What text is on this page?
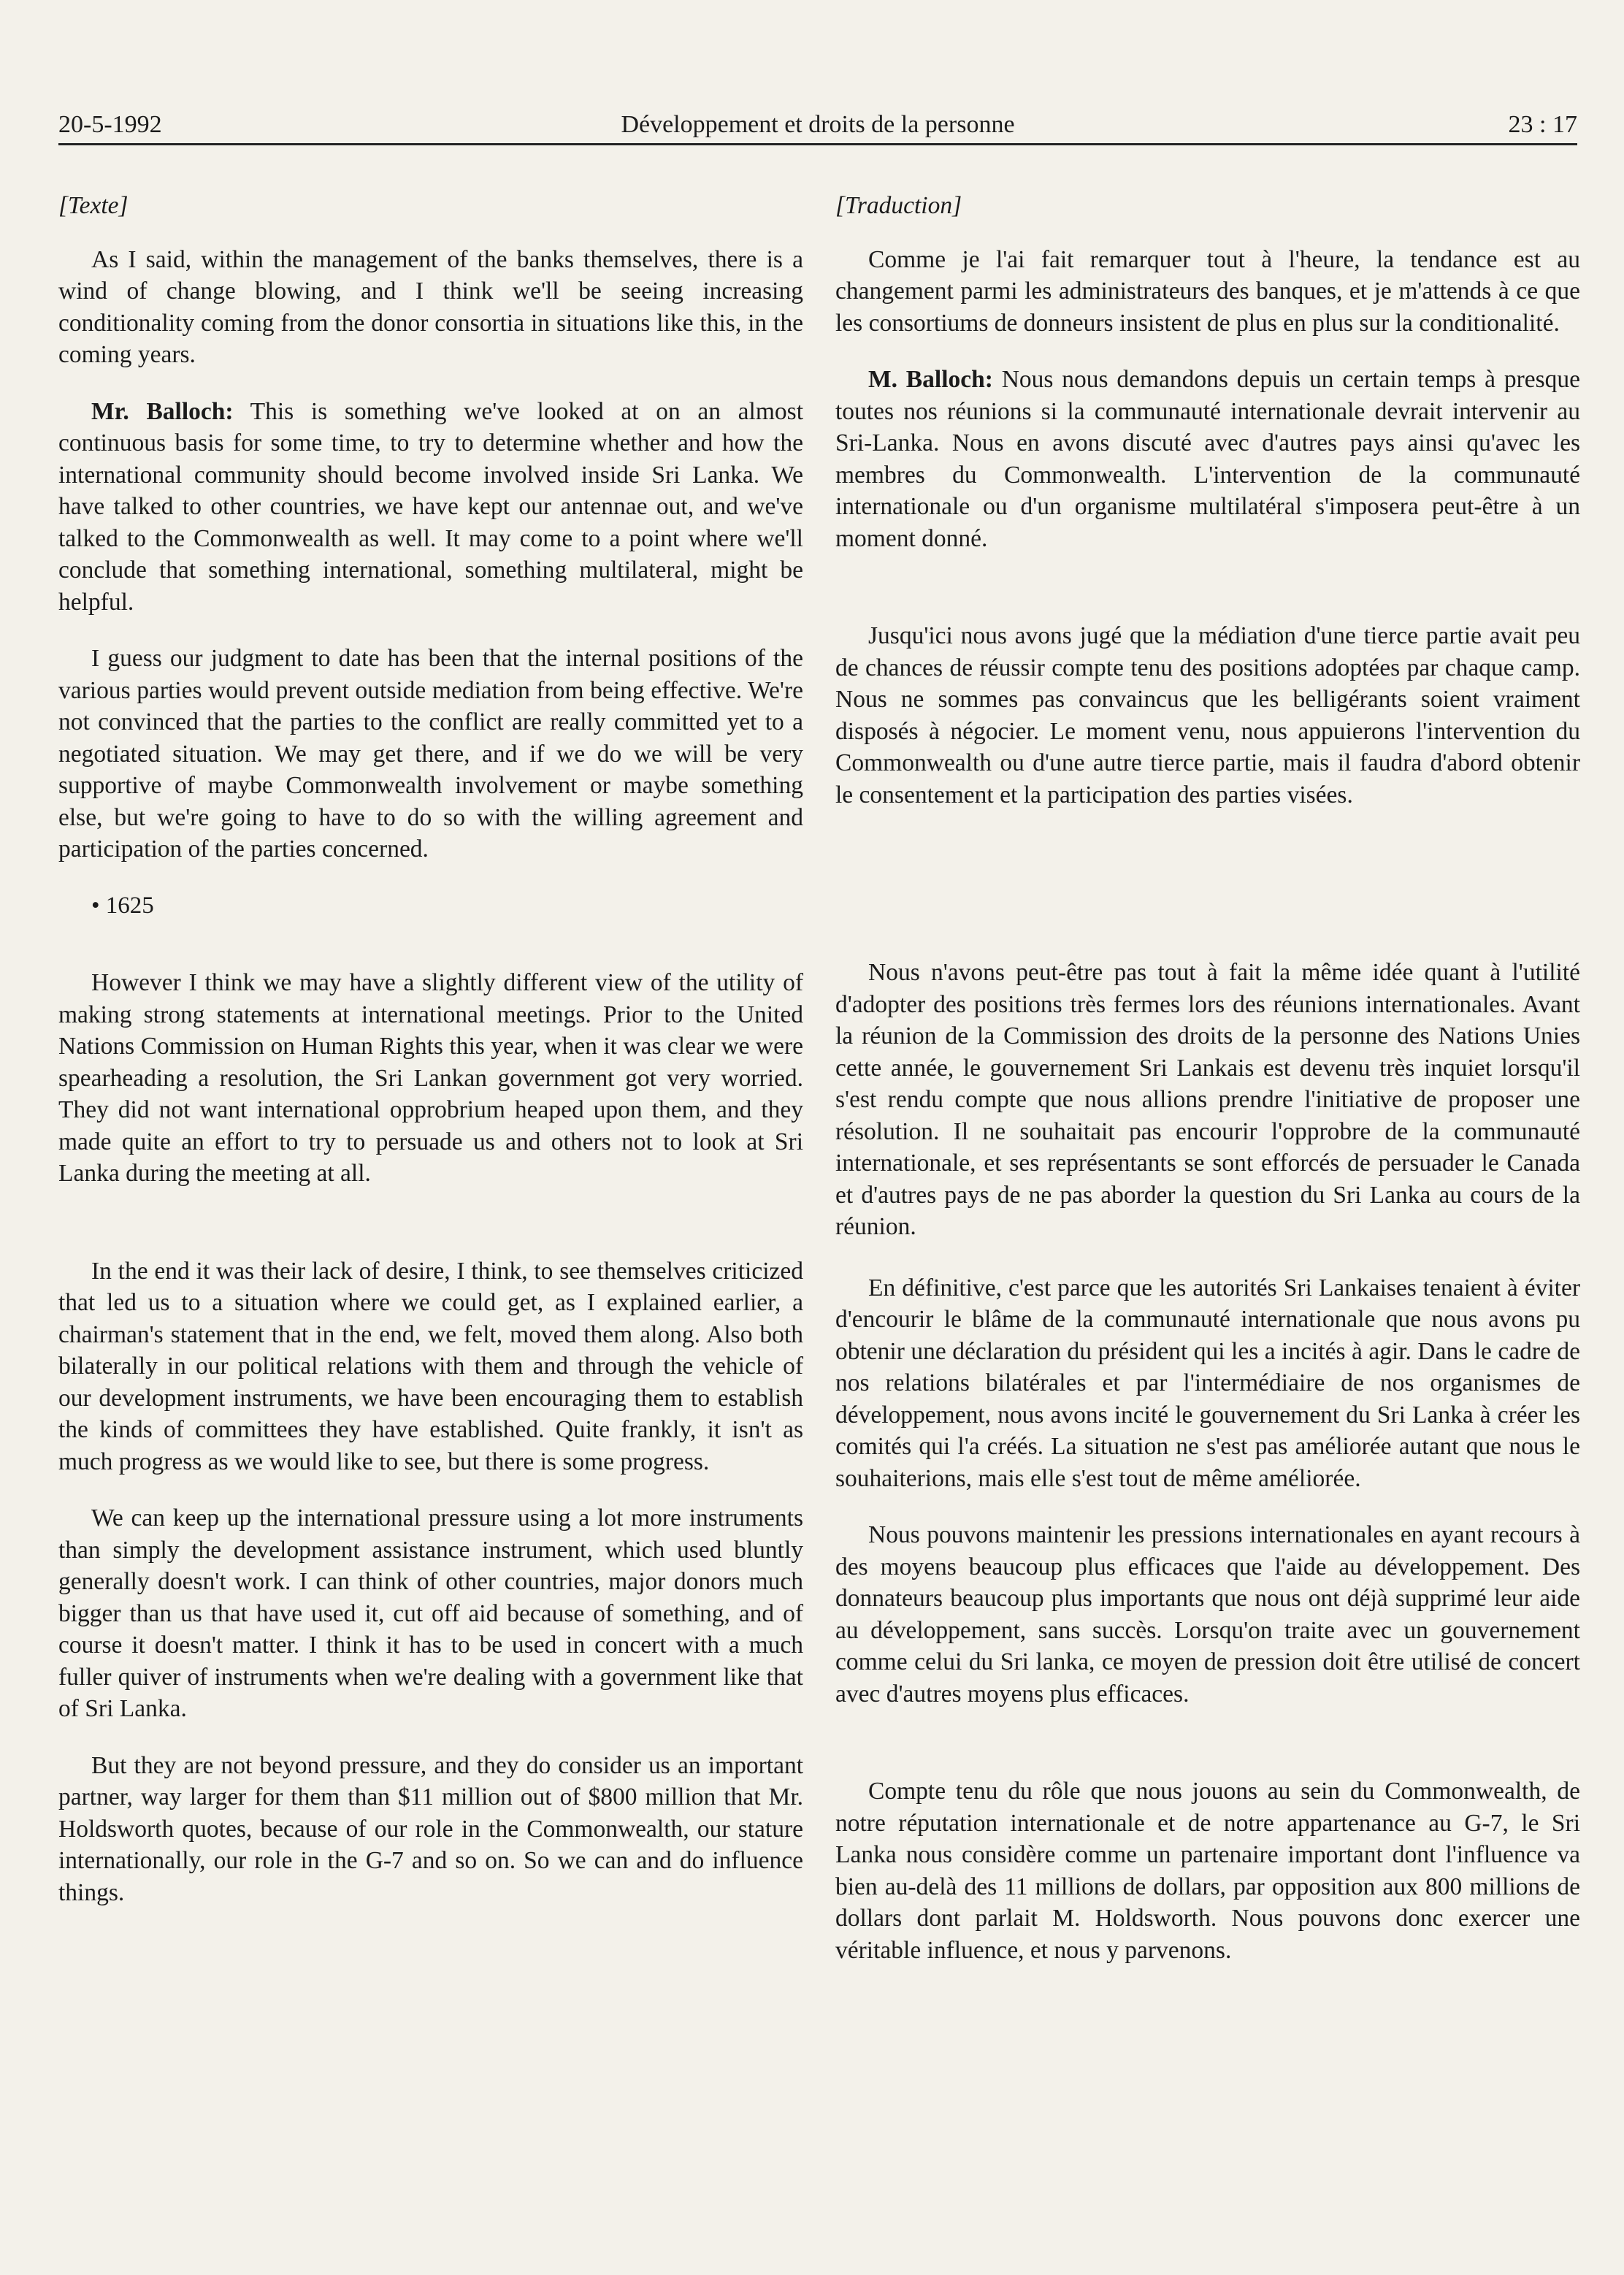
20-5-1992	Développement et droits de la personne	23 : 17

[Texte]

As I said, within the management of the banks themselves, there is a wind of change blowing, and I think we'll be seeing increasing conditionality coming from the donor consortia in situations like this, in the coming years.

Mr. Balloch: This is something we've looked at on an almost continuous basis for some time, to try to determine whether and how the international community should become involved inside Sri Lanka. We have talked to other countries, we have kept our antennae out, and we've talked to the Commonwealth as well. It may come to a point where we'll conclude that something international, something multilateral, might be helpful.

I guess our judgment to date has been that the internal positions of the various parties would prevent outside mediation from being effective. We're not convinced that the parties to the conflict are really committed yet to a negotiated situation. We may get there, and if we do we will be very supportive of maybe Commonwealth involvement or maybe something else, but we're going to have to do so with the willing agreement and participation of the parties concerned.

• 1625

However I think we may have a slightly different view of the utility of making strong statements at international meetings. Prior to the United Nations Commission on Human Rights this year, when it was clear we were spearheading a resolution, the Sri Lankan government got very worried. They did not want international opprobrium heaped upon them, and they made quite an effort to try to persuade us and others not to look at Sri Lanka during the meeting at all.

In the end it was their lack of desire, I think, to see themselves criticized that led us to a situation where we could get, as I explained earlier, a chairman's statement that in the end, we felt, moved them along. Also both bilaterally in our political relations with them and through the vehicle of our development instruments, we have been encouraging them to establish the kinds of committees they have established. Quite frankly, it isn't as much progress as we would like to see, but there is some progress.

We can keep up the international pressure using a lot more instruments than simply the development assistance instrument, which used bluntly generally doesn't work. I can think of other countries, major donors much bigger than us that have used it, cut off aid because of something, and of course it doesn't matter. I think it has to be used in concert with a much fuller quiver of instruments when we're dealing with a government like that of Sri Lanka.

But they are not beyond pressure, and they do consider us an important partner, way larger for them than $11 million out of $800 million that Mr. Holdsworth quotes, because of our role in the Commonwealth, our stature internationally, our role in the G-7 and so on. So we can and do influence things.

[Traduction]

Comme je l'ai fait remarquer tout à l'heure, la tendance est au changement parmi les administrateurs des banques, et je m'attends à ce que les consortiums de donneurs insistent de plus en plus sur la conditionalité.

M. Balloch: Nous nous demandons depuis un certain temps à presque toutes nos réunions si la communauté internationale devrait intervenir au Sri-Lanka. Nous en avons discuté avec d'autres pays ainsi qu'avec les membres du Commonwealth. L'intervention de la communauté internationale ou d'un organisme multilatéral s'imposera peut-être à un moment donné.

Jusqu'ici nous avons jugé que la médiation d'une tierce partie avait peu de chances de réussir compte tenu des positions adoptées par chaque camp. Nous ne sommes pas convaincus que les belligérants soient vraiment disposés à négocier. Le moment venu, nous appuierons l'intervention du Commonwealth ou d'une autre tierce partie, mais il faudra d'abord obtenir le consentement et la participation des parties visées.

Nous n'avons peut-être pas tout à fait la même idée quant à l'utilité d'adopter des positions très fermes lors des réunions internationales. Avant la réunion de la Commission des droits de la personne des Nations Unies cette année, le gouvernement Sri Lankais est devenu très inquiet lorsqu'il s'est rendu compte que nous allions prendre l'initiative de proposer une résolution. Il ne souhaitait pas encourir l'opprobre de la communauté internationale, et ses représentants se sont efforcés de persuader le Canada et d'autres pays de ne pas aborder la question du Sri Lanka au cours de la réunion.

En définitive, c'est parce que les autorités Sri Lankaises tenaient à éviter d'encourir le blâme de la communauté internationale que nous avons pu obtenir une déclaration du président qui les a incités à agir. Dans le cadre de nos relations bilatérales et par l'intermédiaire de nos organismes de développement, nous avons incité le gouvernement du Sri Lanka à créer les comités qui l'a créés. La situation ne s'est pas améliorée autant que nous le souhaiterions, mais elle s'est tout de même améliorée.

Nous pouvons maintenir les pressions internationales en ayant recours à des moyens beaucoup plus efficaces que l'aide au développement. Des donnateurs beaucoup plus importants que nous ont déjà supprimé leur aide au développement, sans succès. Lorsqu'on traite avec un gouvernement comme celui du Sri lanka, ce moyen de pression doit être utilisé de concert avec d'autres moyens plus efficaces.

Compte tenu du rôle que nous jouons au sein du Commonwealth, de notre réputation internationale et de notre appartenance au G-7, le Sri Lanka nous considère comme un partenaire important dont l'influence va bien au-delà des 11 millions de dollars, par opposition aux 800 millions de dollars dont parlait M. Holdsworth. Nous pouvons donc exercer une véritable influence, et nous y parvenons.
